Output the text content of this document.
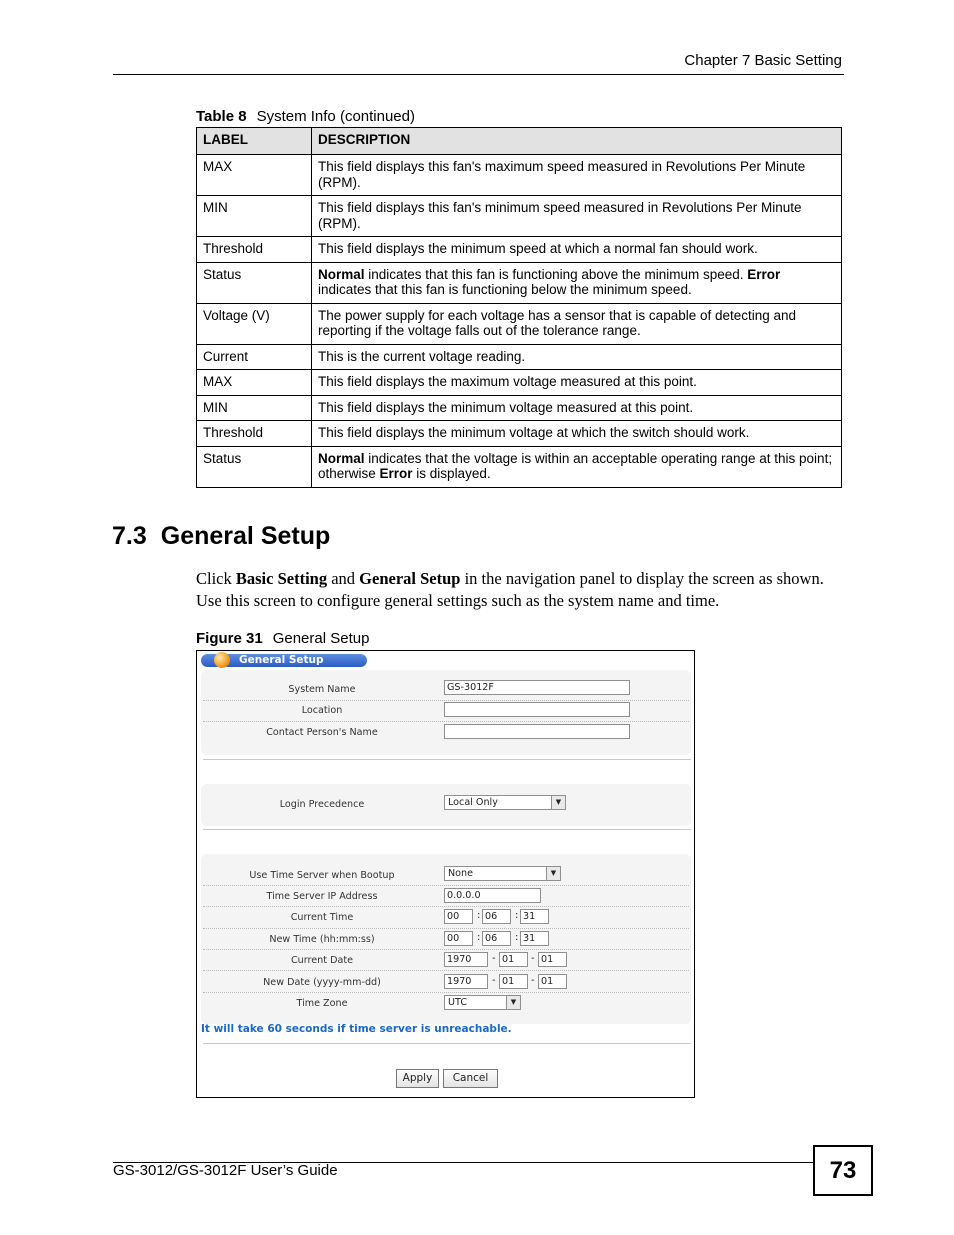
Chapter 7 Basic Setting
Table 8 System Info (continued)
LABEL	DESCRIPTION
MAX	This field displays this fan's maximum speed measured in Revolutions Per Minute (RPM).
MIN	This field displays this fan's minimum speed measured in Revolutions Per Minute (RPM).
Threshold	This field displays the minimum speed at which a normal fan should work.
Status	Normal indicates that this fan is functioning above the minimum speed. Error indicates that this fan is functioning below the minimum speed.
Voltage (V)	The power supply for each voltage has a sensor that is capable of detecting and reporting if the voltage falls out of the tolerance range.
Current	This is the current voltage reading.
MAX	This field displays the maximum voltage measured at this point.
MIN	This field displays the minimum voltage measured at this point.
Threshold	This field displays the minimum voltage at which the switch should work.
Status	Normal indicates that the voltage is within an acceptable operating range at this point; otherwise Error is displayed.
7.3 General Setup
Click Basic Setting and General Setup in the navigation panel to display the screen as shown. Use this screen to configure general settings such as the system name and time.
Figure 31 General Setup
General Setup
System Name	GS-3012F
Location
Contact Person's Name
Login Precedence	Local Only	▼
Use Time Server when Bootup	None	▼
Time Server IP Address	0.0.0.0
Current Time	00	: 06	: 31
New Time (hh:mm:ss)	00	: 06	: 31
Current Date	1970	- 01	- 01
New Date (yyyy-mm-dd)	1970	- 01	- 01
Time Zone	UTC	▼
It will take 60 seconds if time server is unreachable.
Apply	Cancel
GS-3012/GS-3012F User’s Guide	73
